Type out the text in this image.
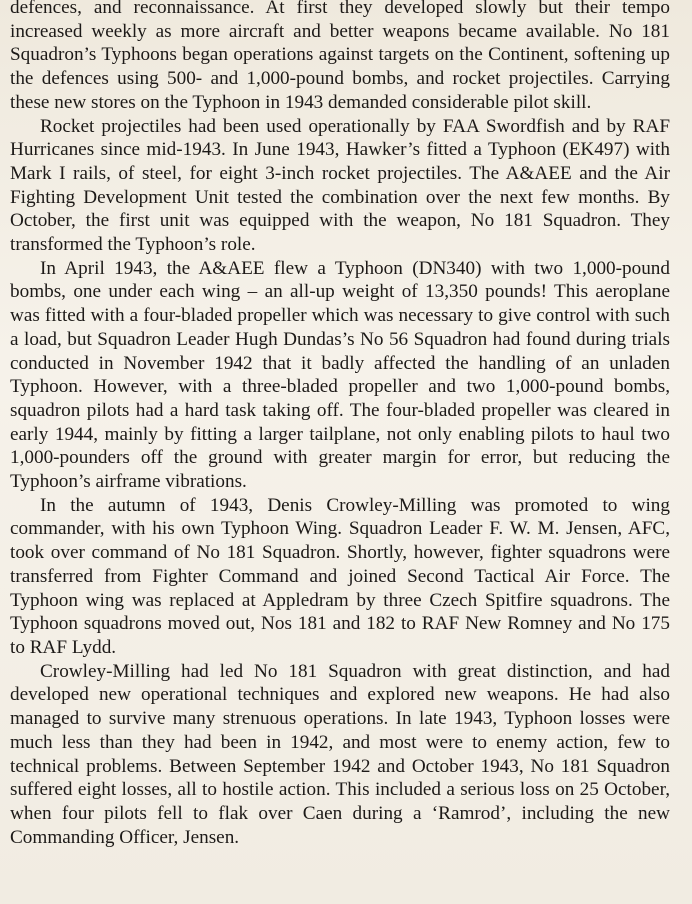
defences, and reconnaissance. At first they developed slowly but their tempo increased weekly as more aircraft and better weapons became available. No 181 Squadron’s Typhoons began operations against targets on the Continent, softening up the defences using 500- and 1,000-pound bombs, and rocket projectiles. Carrying these new stores on the Typhoon in 1943 demanded considerable pilot skill.

Rocket projectiles had been used operationally by FAA Swordfish and by RAF Hurricanes since mid-1943. In June 1943, Hawker’s fitted a Typhoon (EK497) with Mark I rails, of steel, for eight 3-inch rocket projectiles. The A&AEE and the Air Fighting Development Unit tested the combination over the next few months. By October, the first unit was equipped with the weapon, No 181 Squadron. They transformed the Typhoon’s role.

In April 1943, the A&AEE flew a Typhoon (DN340) with two 1,000-pound bombs, one under each wing – an all-up weight of 13,350 pounds! This aeroplane was fitted with a four-bladed propeller which was necessary to give control with such a load, but Squadron Leader Hugh Dundas’s No 56 Squadron had found during trials conducted in November 1942 that it badly affected the handling of an unladen Typhoon. However, with a three-bladed propeller and two 1,000-pound bombs, squadron pilots had a hard task taking off. The four-bladed propeller was cleared in early 1944, mainly by fitting a larger tailplane, not only enabling pilots to haul two 1,000-pounders off the ground with greater margin for error, but reducing the Typhoon’s airframe vibrations.

In the autumn of 1943, Denis Crowley-Milling was promoted to wing commander, with his own Typhoon Wing. Squadron Leader F. W. M. Jensen, AFC, took over command of No 181 Squadron. Shortly, however, fighter squadrons were transferred from Fighter Command and joined Second Tactical Air Force. The Typhoon wing was replaced at Appledram by three Czech Spitfire squadrons. The Typhoon squadrons moved out, Nos 181 and 182 to RAF New Romney and No 175 to RAF Lydd.

Crowley-Milling had led No 181 Squadron with great distinction, and had developed new operational techniques and explored new weapons. He had also managed to survive many strenuous operations. In late 1943, Typhoon losses were much less than they had been in 1942, and most were to enemy action, few to technical problems. Between September 1942 and October 1943, No 181 Squadron suffered eight losses, all to hostile action. This included a serious loss on 25 October, when four pilots fell to flak over Caen during a ‘Ramrod’, including the new Commanding Officer, Jensen.
